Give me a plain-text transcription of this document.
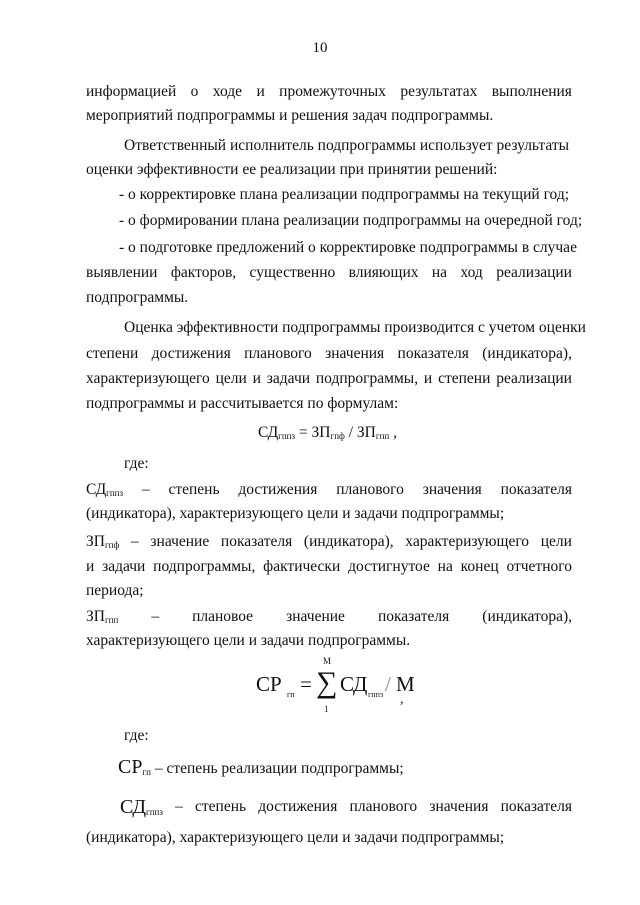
10

информацией о ходе и промежуточных результатах выполнения

мероприятий подпрограммы и решения задач подпрограммы.

Ответственный исполнитель подпрограммы использует результаты

оценки эффективности ее реализации при принятии решений:

- о корректировке плана реализации подпрограммы на текущий год;

- о формировании плана реализации подпрограммы на очередной год;

- о подготовке предложений о корректировке подпрограммы в случае

выявлении факторов, существенно влияющих на ход реализации

подпрограммы.

Оценка эффективности подпрограммы производится с учетом оценки

степени достижения планового значения показателя (индикатора),

характеризующего цели и задачи подпрограммы, и степени реализации

подпрограммы и рассчитывается по формулам:

$СД_{гппз} = ЗП_{гпф} / ЗП_{гпп}$ ,

где:

$СД_{гппз}$ – степень достижения планового значения показателя

(индикатора), характеризующего цели и задачи подпрограммы;

$ЗП_{гпф}$ – значение показателя (индикатора), характеризующего цели

и задачи подпрограммы, фактически достигнутое на конец отчетного

периода;

$ЗП_{гпп}$ – плановое значение показателя (индикатора),

характеризующего цели и задачи подпрограммы.

СР гп = ∑
M
1
СД гппз / М
,

где:

$СР_{гп}$ – степень реализации подпрограммы;

$СД_{гппз}$ – степень достижения планового значения показателя

(индикатора), характеризующего цели и задачи подпрограммы;
